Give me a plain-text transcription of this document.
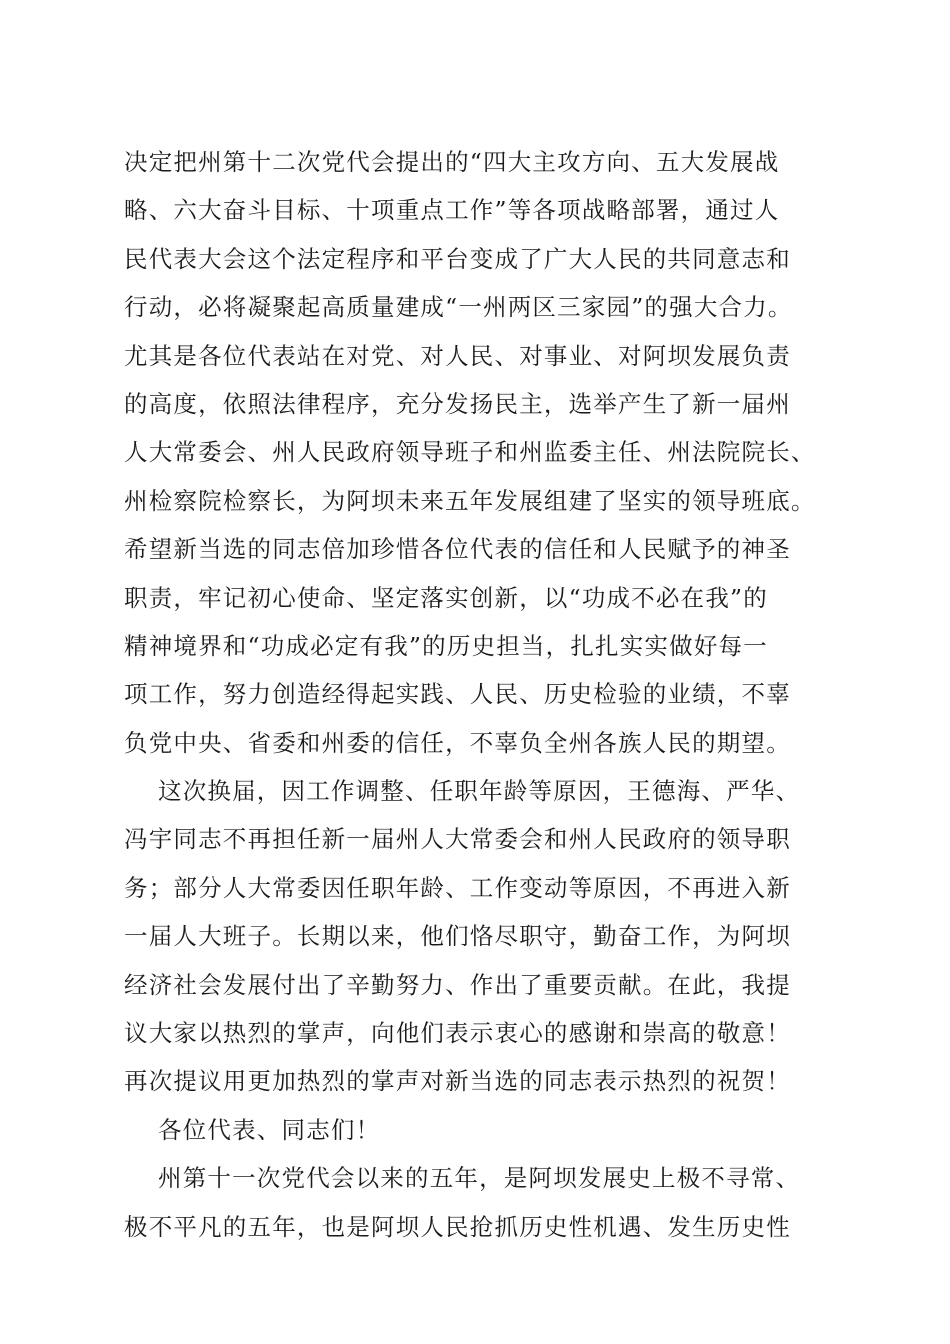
决定把州第十二次党代会提出的“四大主攻方向、五大发展战
略、六大奋斗目标、十项重点工作”等各项战略部署，通过人
民代表大会这个法定程序和平台变成了广大人民的共同意志和
行动，必将凝聚起高质量建成“一州两区三家园”的强大合力。
尤其是各位代表站在对党、对人民、对事业、对阿坝发展负责
的高度，依照法律程序，充分发扬民主，选举产生了新一届州
人大常委会、州人民政府领导班子和州监委主任、州法院院长、
州检察院检察长，为阿坝未来五年发展组建了坚实的领导班底。
希望新当选的同志倍加珍惜各位代表的信任和人民赋予的神圣
职责，牢记初心使命、坚定落实创新，以“功成不必在我”的
精神境界和“功成必定有我”的历史担当，扎扎实实做好每一
项工作，努力创造经得起实践、人民、历史检验的业绩，不辜
负党中央、省委和州委的信任，不辜负全州各族人民的期望。
这次换届，因工作调整、任职年龄等原因，王德海、严华、
冯宇同志不再担任新一届州人大常委会和州人民政府的领导职
务；部分人大常委因任职年龄、工作变动等原因，不再进入新
一届人大班子。长期以来，他们恪尽职守，勤奋工作，为阿坝
经济社会发展付出了辛勤努力、作出了重要贡献。在此，我提
议大家以热烈的掌声，向他们表示衷心的感谢和崇高的敬意！
再次提议用更加热烈的掌声对新当选的同志表示热烈的祝贺！
各位代表、同志们！
州第十一次党代会以来的五年，是阿坝发展史上极不寻常、
极不平凡的五年，也是阿坝人民抢抓历史性机遇、发生历史性
